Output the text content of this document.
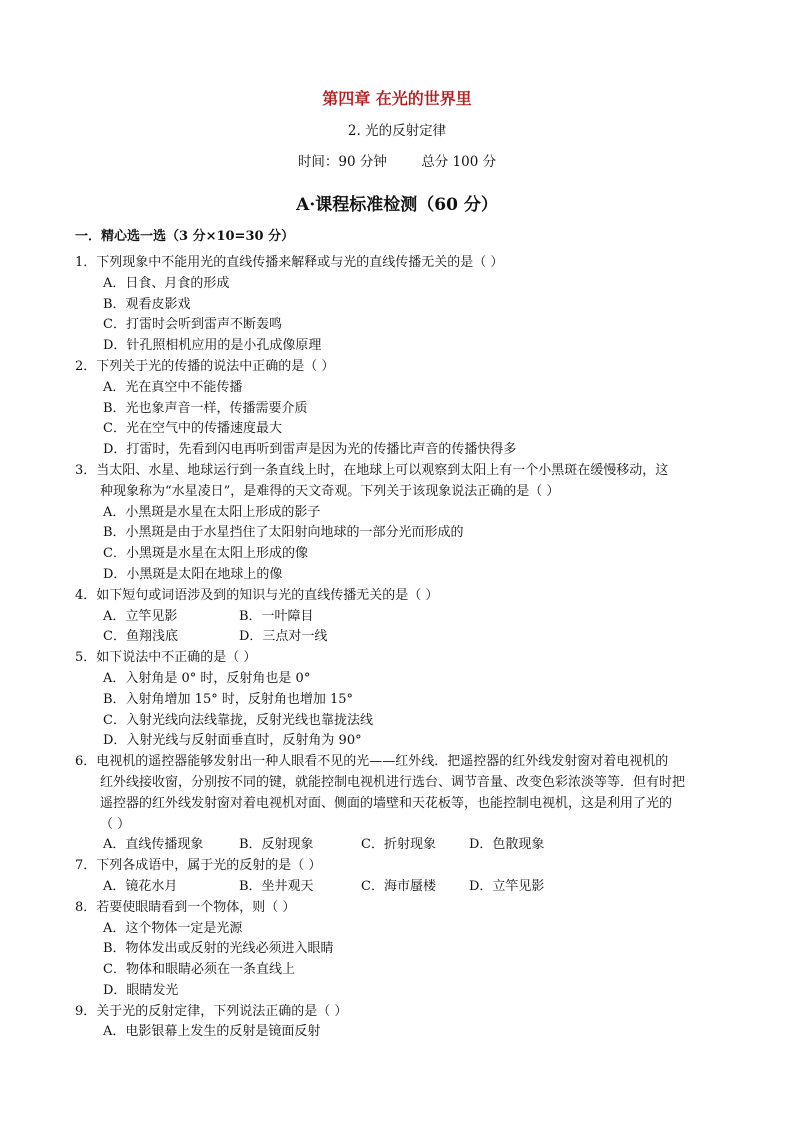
第四章 在光的世界里
2. 光的反射定律
时间：90 分钟        总分 100 分
A·课程标准检测（60 分）
一．精心选一选（3 分×10=30 分）
1．下列现象中不能用光的直线传播来解释或与光的直线传播无关的是（ ）
A．日食、月食的形成
B．观看皮影戏
C．打雷时会听到雷声不断轰鸣
D．针孔照相机应用的是小孔成像原理
2．下列关于光的传播的说法中正确的是（ ）
A．光在真空中不能传播
B．光也象声音一样，传播需要介质
C．光在空气中的传播速度最大
D．打雷时，先看到闪电再听到雷声是因为光的传播比声音的传播快得多
3．当太阳、水星、地球运行到一条直线上时，在地球上可以观察到太阳上有一个小黑斑在缓慢移动，这
种现象称为“水星凌日”，是难得的天文奇观。下列关于该现象说法正确的是（ ）
A．小黑斑是水星在太阳上形成的影子
B．小黑斑是由于水星挡住了太阳射向地球的一部分光而形成的
C．小黑斑是水星在太阳上形成的像
D．小黑斑是太阳在地球上的像
4．如下短句或词语涉及到的知识与光的直线传播无关的是（ ）
A．立竿见影	B．一叶障目
C．鱼翔浅底	D．三点对一线
5．如下说法中不正确的是（ ）
A．入射角是 0° 时，反射角也是 0°
B．入射角增加 15° 时，反射角也增加 15°
C．入射光线向法线靠拢，反射光线也靠拢法线
D．入射光线与反射面垂直时，反射角为 90°
6．电视机的遥控器能够发射出一种人眼看不见的光——红外线．把遥控器的红外线发射窗对着电视机的
红外线接收窗，分别按不同的键，就能控制电视机进行选台、调节音量、改变色彩浓淡等等．但有时把
遥控器的红外线发射窗对着电视机对面、侧面的墙壁和天花板等，也能控制电视机，这是利用了光的
（ ）
A．直线传播现象	B．反射现象	C．折射现象	D．色散现象
7．下列各成语中，属于光的反射的是（ ）
A．镜花水月	B．坐井观天	C．海市蜃楼	D．立竿见影
8．若要使眼睛看到一个物体，则（ ）
A．这个物体一定是光源
B．物体发出或反射的光线必须进入眼睛
C．物体和眼睛必须在一条直线上
D．眼睛发光
9．关于光的反射定律，下列说法正确的是（ ）
A．电影银幕上发生的反射是镜面反射
